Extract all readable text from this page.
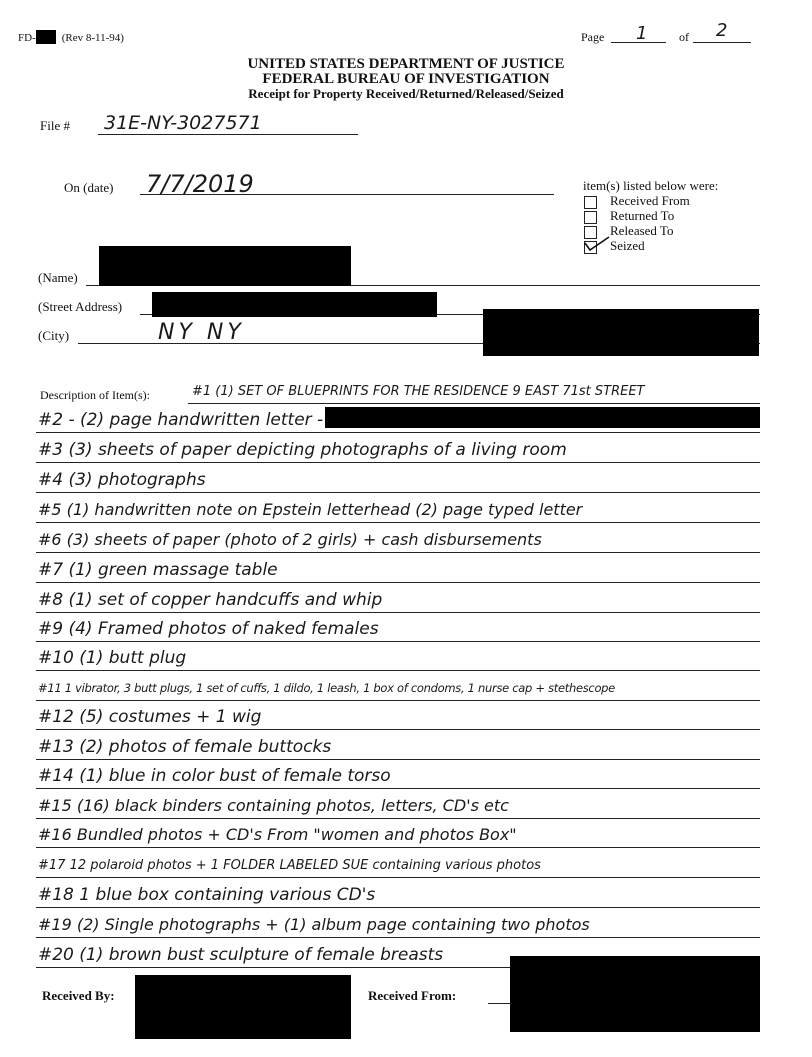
FD- (Rev 8-11-94)	Page 1	of 2
UNITED STATES DEPARTMENT OF JUSTICE
FEDERAL BUREAU OF INVESTIGATION
Receipt for Property Received/Returned/Released/Seized
File # 31E-NY-3027571
On (date) 7/7/2019	item(s) listed below were:
Received From
Returned To
Released To
Seized
(Name)
(Street Address)
(City)	NY NY
Description of Item(s):	#1 (1) SET OF BLUEPRINTS FOR THE RESIDENCE 9 EAST 71st STREET
#2 - (2) page handwritten letter -
#3 (3) sheets of paper depicting photographs of a living room
#4 (3) photographs
#5 (1) handwritten note on Epstein letterhead (2) page typed letter
#6 (3) sheets of paper (photo of 2 girls) + cash disbursements
#7 (1) green massage table
#8 (1) set of copper handcuffs and whip
#9 (4) Framed photos of naked females
#10 (1) butt plug
#11 1 vibrator, 3 butt plugs, 1 set of cuffs, 1 dildo, 1 leash, 1 box of condoms, 1 nurse cap + stethescope
#12 (5) costumes + 1 wig
#13 (2) photos of female buttocks
#14 (1) blue in color bust of female torso
#15 (16) black binders containing photos, letters, CD's etc
#16 Bundled photos + CD's From "women and photos Box"
#17 12 polaroid photos + 1 FOLDER LABELED SUE containing various photos
#18 1 blue box containing various CD's
#19 (2) Single photographs + (1) album page containing two photos
#20 (1) brown bust sculpture of female breasts
Received By:	Received From:
